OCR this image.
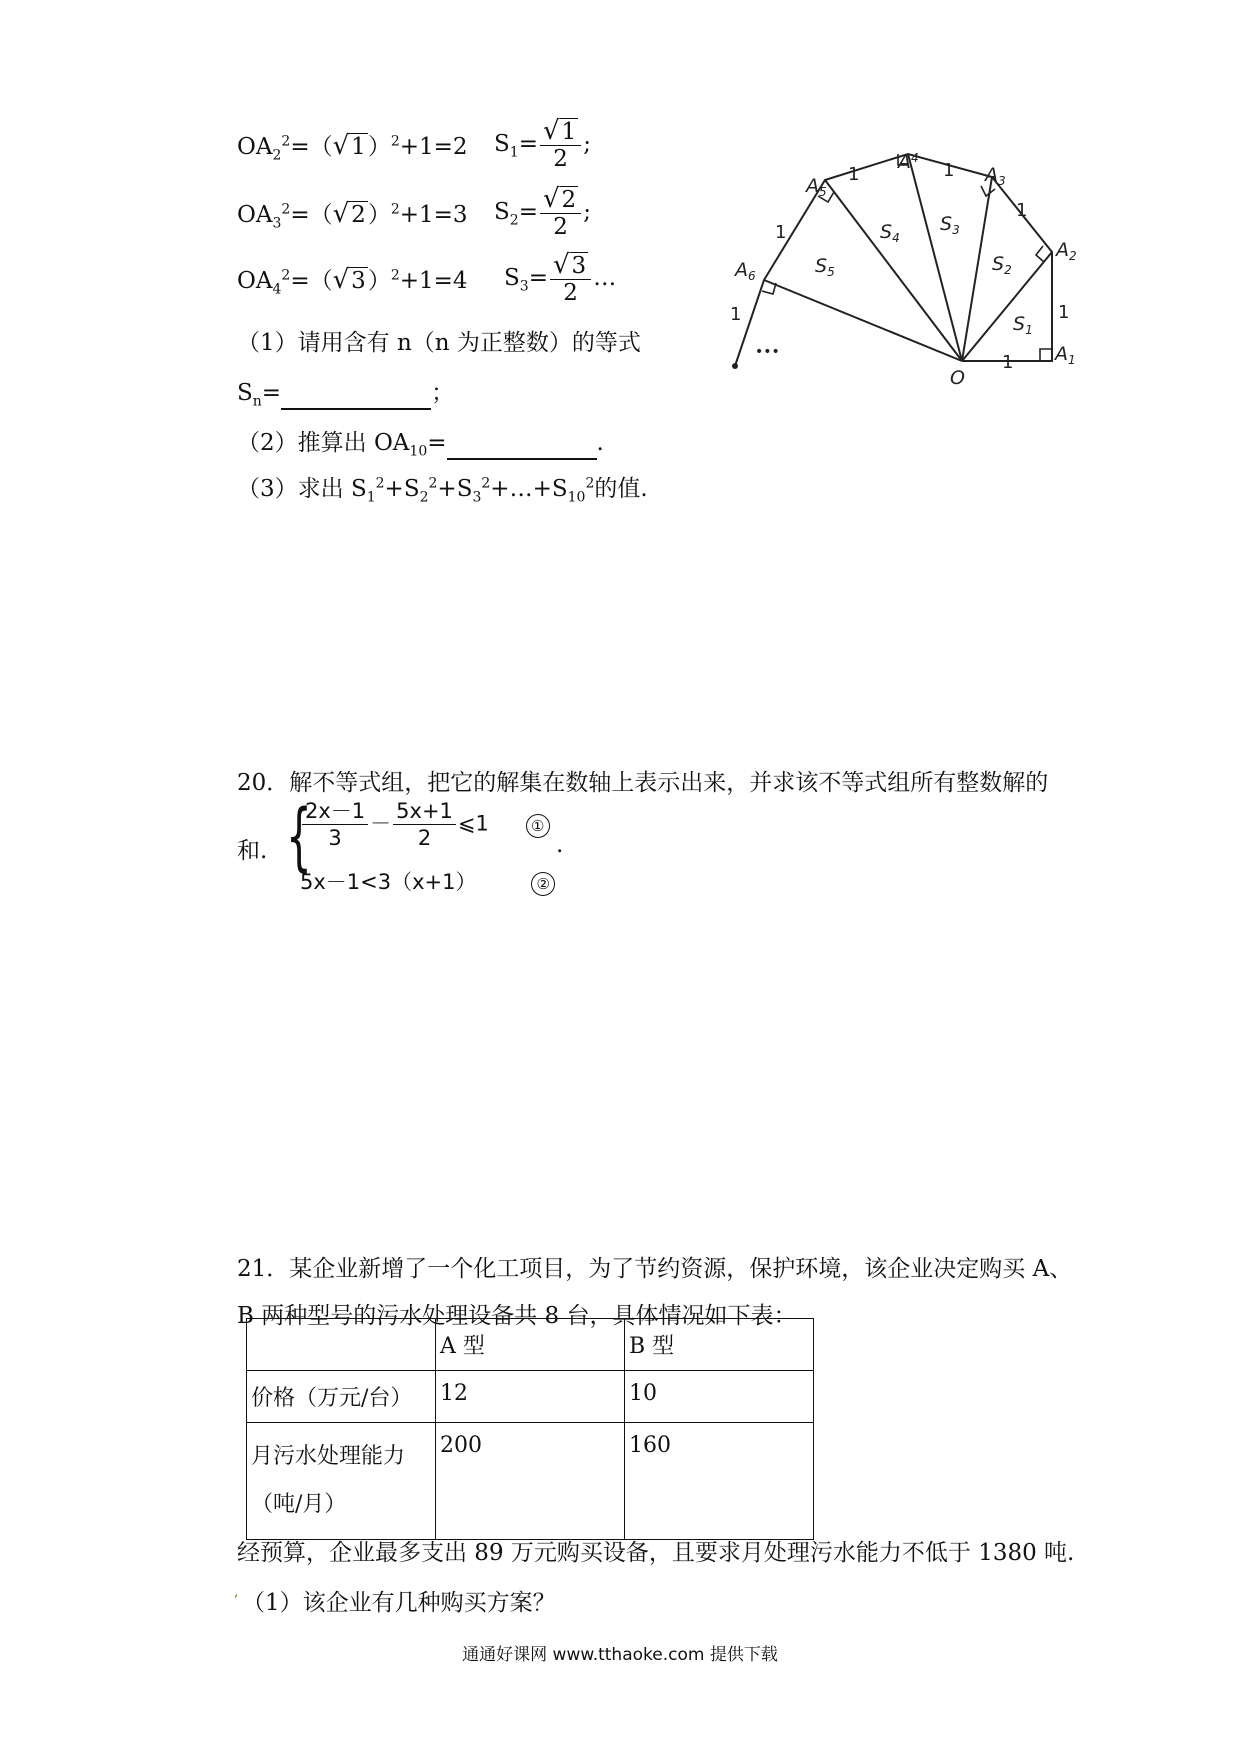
$OA_2^2=(√1)^2+1=2$ $S_1= \frac{√1}{2}$ ;
$OA_3^2=(√2)^2+1=3$ $S_2= \frac{√2}{2}$ ;
$OA_4^2=(√3)^2+1=4$ $S_3= \frac{√3}{2}$ …
（1）请用含有 n（n 为正整数）的等式
$S_n=$	；
（2）推算出 $OA_{10}=$	.
（3）求出 $S_1^2+S_2^2+S_3^2+\dots+S_{10}^2$的值.
O
$A_1$
$A_2$
$A_3$
$A^4$
$A_5$
$A_6$
$S_1$
$S_2$
$S_3$
$S_4$
$S_5$
1
1
1
1
1
1
1
•••
20．解不等式组，把它的解集在数轴上表示出来，并求该不等式组所有整数解的
和. {
$\frac{2x-1}{3} - \frac{5x+1}{2}$ ⩽1	①
5x－1<3（x+1）	②
.
21．某企业新增了一个化工项目，为了节约资源，保护环境，该企业决定购买 A、
B 两种型号的污水处理设备共 8 台，具体情况如下表：
	A 型	B 型
价格（万元/台）	12	10
月污水处理能力
（吨/月）	200	160
经预算，企业最多支出 89 万元购买设备，且要求月处理污水能力不低于 1380 吨.
, （1）该企业有几种购买方案？
通通好课网 www.tthaoke.com 提供下载
